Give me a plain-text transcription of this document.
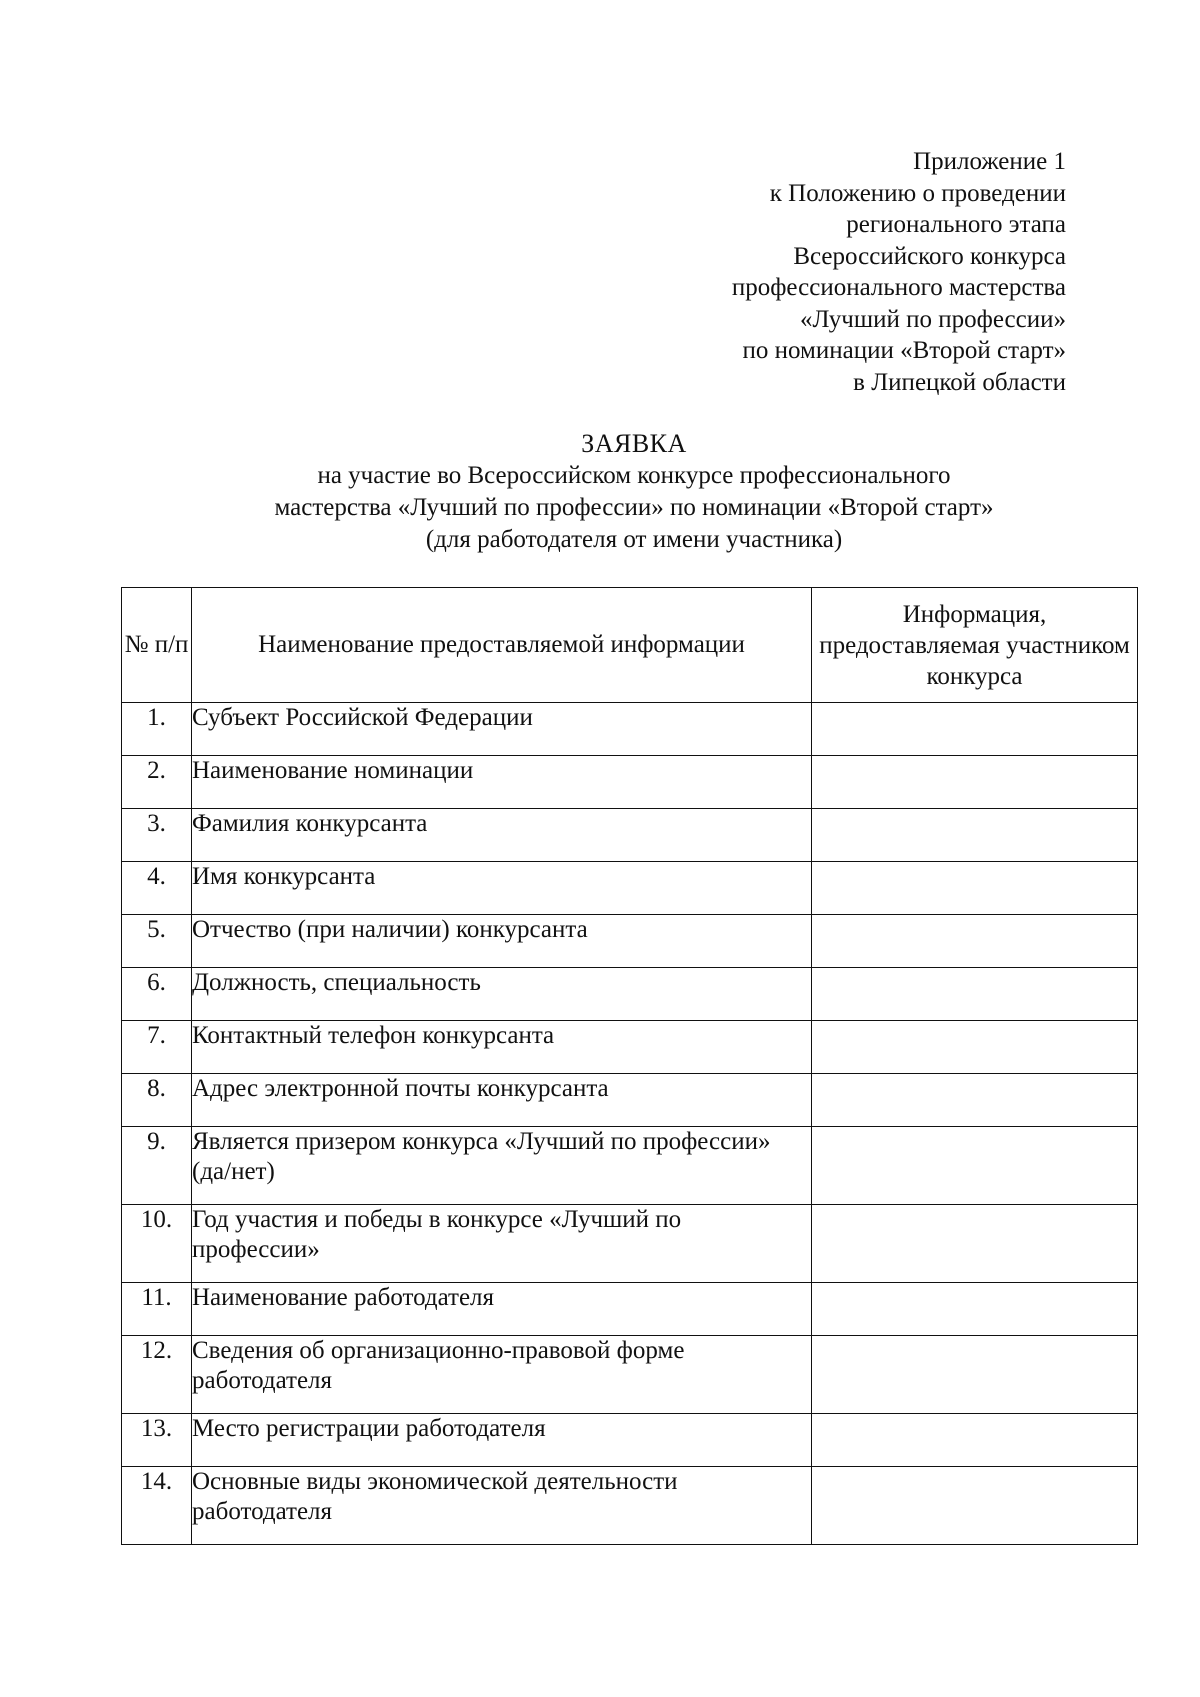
Приложение 1
к Положению о проведении
регионального этапа
Всероссийского конкурса
профессионального мастерства
«Лучший по профессии»
по номинации «Второй старт»
в Липецкой области
ЗАЯВКА
на участие во Всероссийском конкурсе профессионального
мастерства «Лучший по профессии» по номинации «Второй старт»
(для работодателя от имени участника)
№ п/п	Наименование предоставляемой информации	Информация, предоставляемая участником конкурса

1.	Субъект Российской Федерации	
2.	Наименование номинации	
3.	Фамилия конкурсанта	
4.	Имя конкурсанта	
5.	Отчество (при наличии) конкурсанта	
6.	Должность, специальность	
7.	Контактный телефон конкурсанта	
8.	Адрес электронной почты конкурсанта	
9.	Является призером конкурса «Лучший по профессии» (да/нет)	
10.	Год участия и победы в конкурсе «Лучший по профессии»	
11.	Наименование работодателя	
12.	Сведения об организационно-правовой форме работодателя	
13.	Место регистрации работодателя	
14.	Основные виды экономической деятельности работодателя	
